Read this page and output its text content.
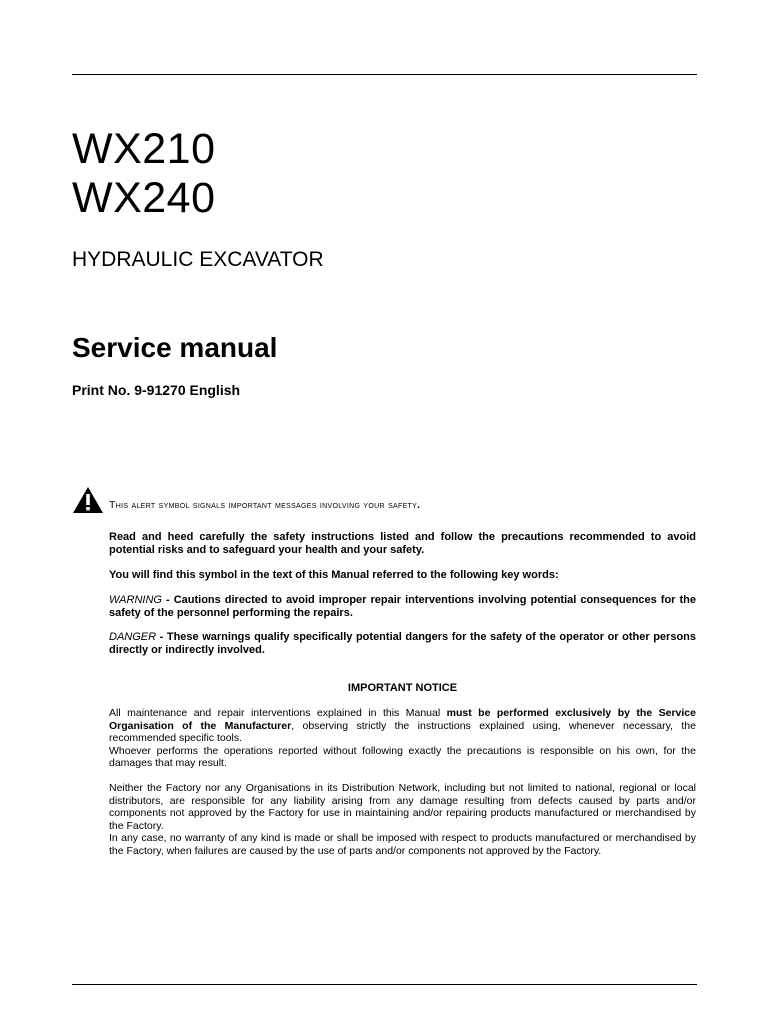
WX210
WX240
HYDRAULIC EXCAVATOR
Service manual
Print No. 9-91270 English
This alert symbol signals important messages involving your safety.
Read and heed carefully the safety instructions listed and follow the precautions recommended to avoid potential risks and to safeguard your health and your safety.
You will find this symbol in the text of this Manual referred to the following key words:
WARNING - Cautions directed to avoid improper repair interventions involving potential consequences for the safety of the personnel performing the repairs.
DANGER - These warnings qualify specifically potential dangers for the safety of the operator or other persons directly or indirectly involved.
IMPORTANT NOTICE

All maintenance and repair interventions explained in this Manual must be performed exclusively by the Service Organisation of the Manufacturer, observing strictly the instructions explained using, whenever necessary, the recommended specific tools.

Whoever performs the operations reported without following exactly the precautions is responsible on his own, for the damages that may result.

Neither the Factory nor any Organisations in its Distribution Network, including but not limited to national, regional or local distributors, are responsible for any liability arising from any damage resulting from defects caused by parts and/or components not approved by the Factory for use in maintaining and/or repairing products manufactured or merchandised by the Factory.

In any case, no warranty of any kind is made or shall be imposed with respect to products manufactured or merchandised by the Factory, when failures are caused by the use of parts and/or components not approved by the Factory.
